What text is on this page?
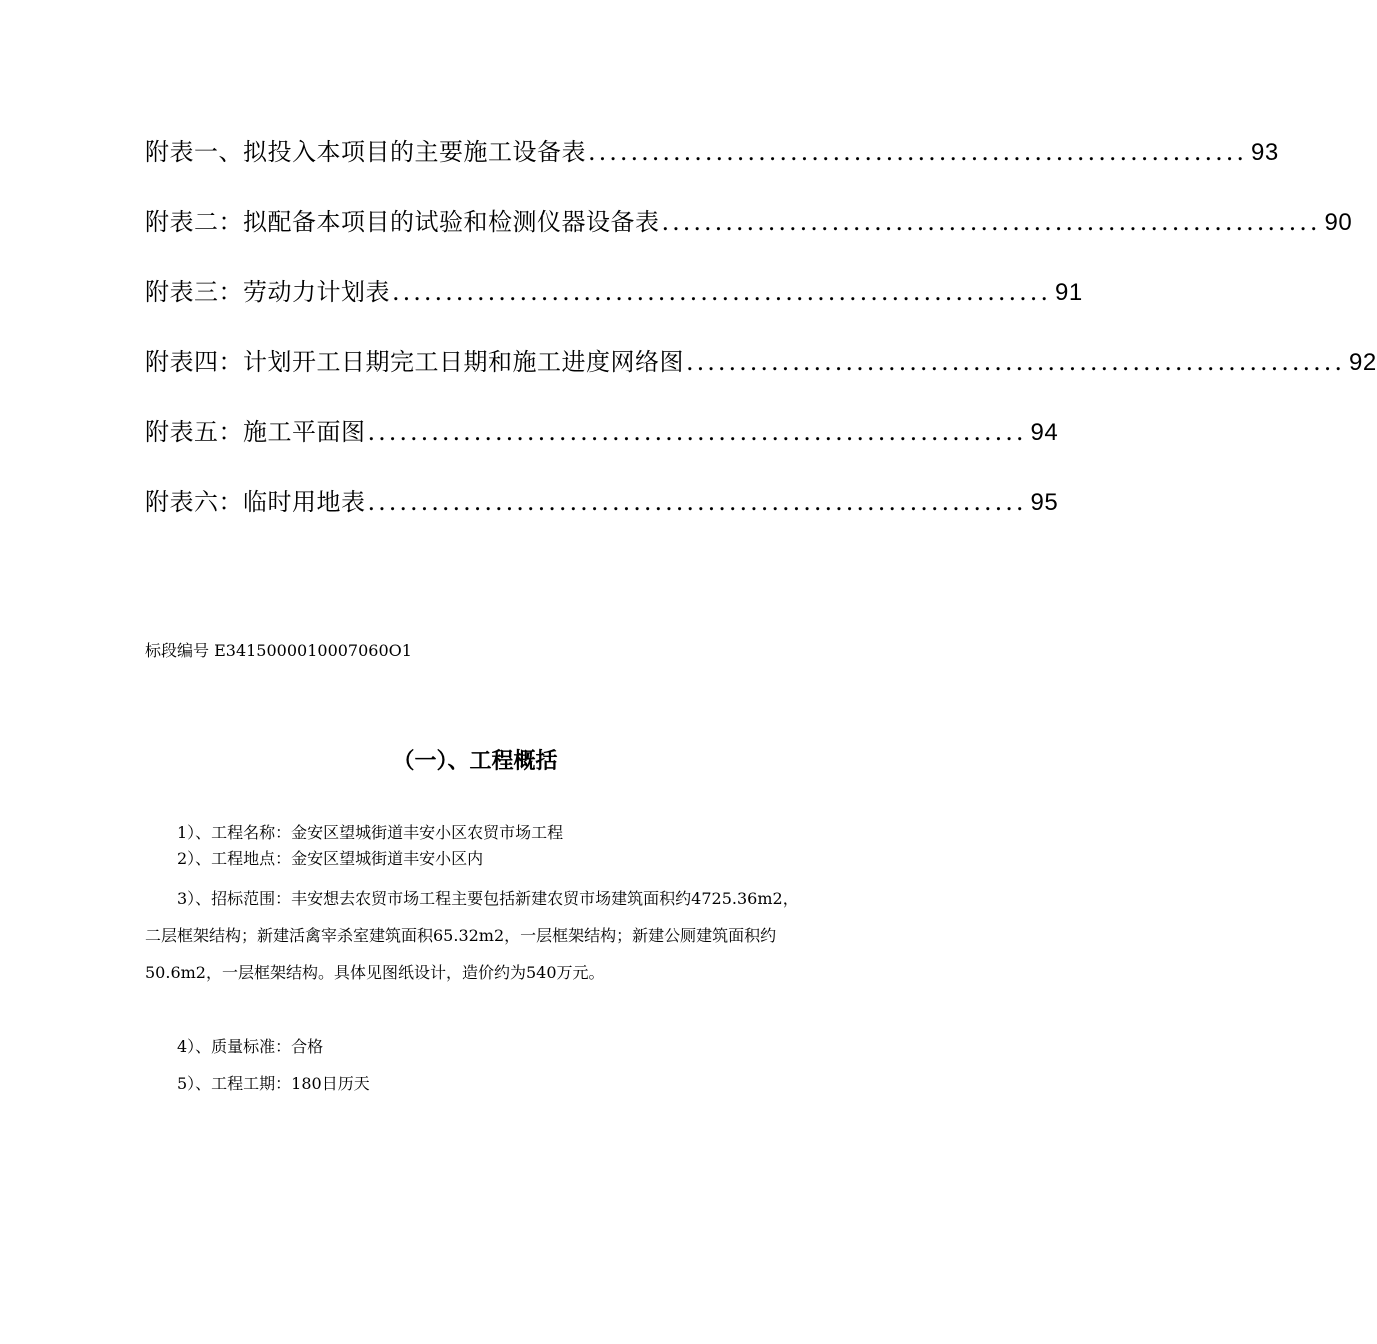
附表一、拟投入本项目的主要施工设备表 .............................................................. 93
附表二：拟配备本项目的试验和检测仪器设备表 .............................................................. 90
附表三：劳动力计划表 .............................................................. 91
附表四：计划开工日期完工日期和施工进度网络图 .............................................................. 92
附表五：施工平面图 .............................................................. 94
附表六：临时用地表 .............................................................. 95
标段编号 E3415000010007060O1
（一）、工程概括
1）、工程名称：金安区望城街道丰安小区农贸市场工程
2）、工程地点：金安区望城街道丰安小区内
3）、招标范围：丰安想去农贸市场工程主要包括新建农贸市场建筑面积约4725.36m2，二层框架结构；新建活禽宰杀室建筑面积65.32m2，一层框架结构；新建公厕建筑面积约50.6m2，一层框架结构。具体见图纸设计，造价约为540万元。
4）、质量标准：合格
5）、工程工期：180日历天
